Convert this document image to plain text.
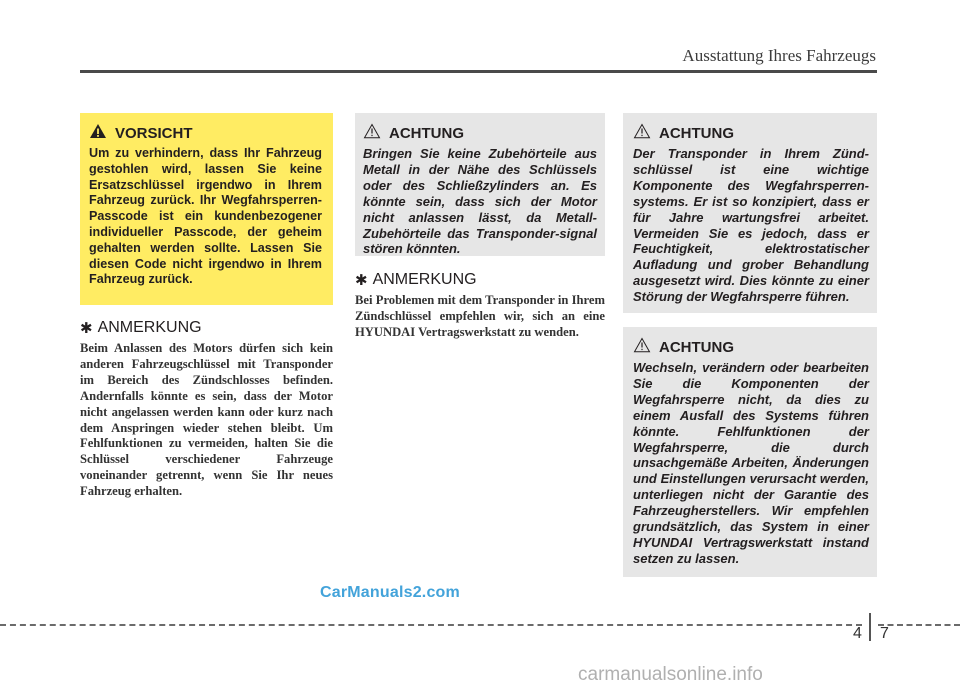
Ausstattung Ihres Fahrzeugs
VORSICHT
Um zu verhindern, dass Ihr Fahrzeug gestohlen wird, lassen Sie keine Ersatzschlüssel irgendwo in Ihrem Fahrzeug zurück. Ihr Wegfahrsperren-Passcode ist ein kundenbezogener individueller Passcode, der geheim gehalten werden sollte. Lassen Sie diesen Code nicht irgendwo in Ihrem Fahrzeug zurück.
✱ ANMERKUNG
Beim Anlassen des Motors dürfen sich kein anderen Fahrzeugschlüssel mit Transponder im Bereich des Zündschlosses befinden. Andernfalls könnte es sein, dass der Motor nicht angelassen werden kann oder kurz nach dem Anspringen wieder stehen bleibt. Um Fehlfunktionen zu vermeiden, halten Sie die Schlüssel verschiedener Fahrzeuge voneinander getrennt, wenn Sie Ihr neues Fahrzeug erhalten.
ACHTUNG
Bringen Sie keine Zubehörteile aus Metall in der Nähe des Schlüssels oder des Schließzylinders an. Es könnte sein, dass sich der Motor nicht anlassen lässt, da Metall-Zubehörteile das Transponder-signal stören könnten.
✱ ANMERKUNG
Bei Problemen mit dem Transponder in Ihrem Zündschlüssel empfehlen wir, sich an eine HYUNDAI Vertragswerkstatt zu wenden.
ACHTUNG
Der Transponder in Ihrem Zünd-schlüssel ist eine wichtige Komponente des Wegfahrsperren-systems. Er ist so konzipiert, dass er für Jahre wartungsfrei arbeitet. Vermeiden Sie es jedoch, dass er Feuchtigkeit, elektrostatischer Aufladung und grober Behandlung ausgesetzt wird. Dies könnte zu einer Störung der Wegfahrsperre führen.
ACHTUNG
Wechseln, verändern oder bearbeiten Sie die Komponenten der Wegfahrsperre nicht, da dies zu einem Ausfall des Systems führen könnte. Fehlfunktionen der Wegfahrsperre, die durch unsachgemäße Arbeiten, Änderungen und Einstellungen verursacht werden, unterliegen nicht der Garantie des Fahrzeugherstellers. Wir empfehlen grundsätzlich, das System in einer HYUNDAI Vertragswerkstatt instand setzen zu lassen.
CarManuals2.com
4 7
carmanualsonline.info
